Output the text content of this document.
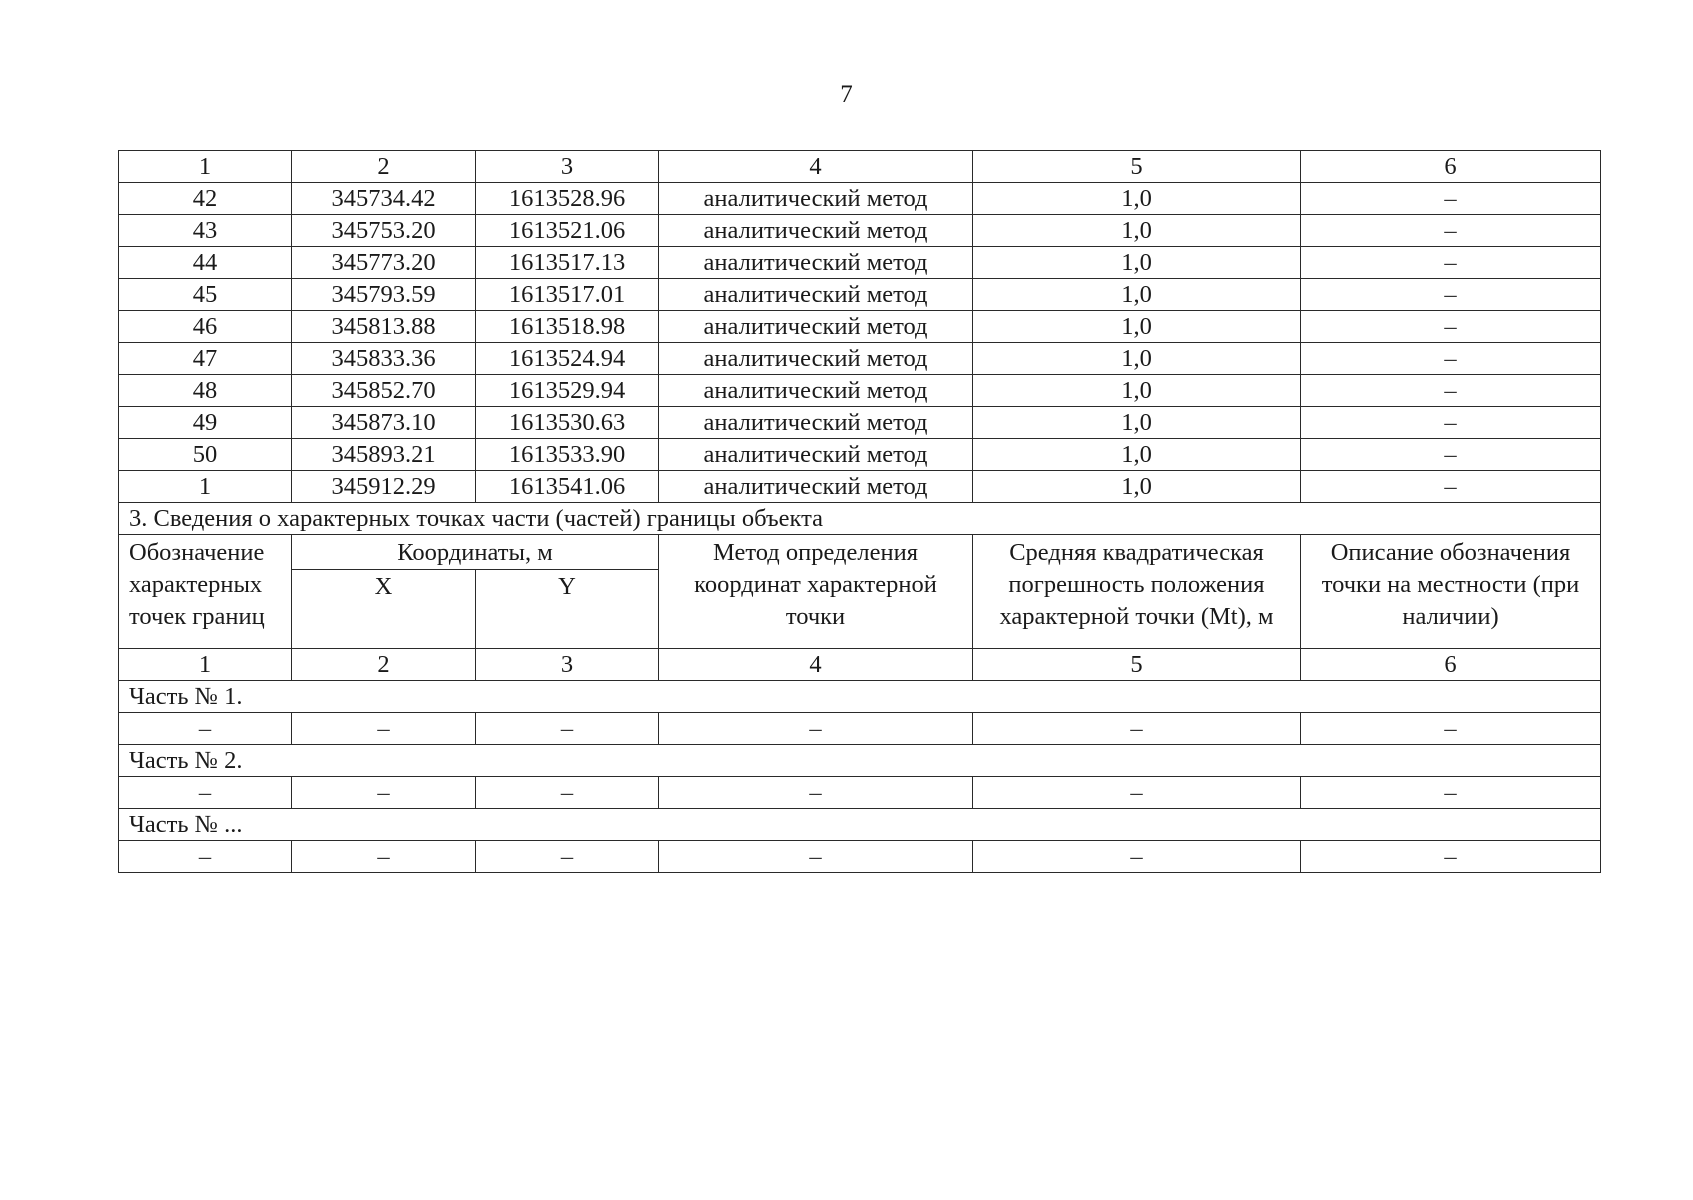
7
1	2	3	4	5	6
42	345734.42	1613528.96	аналитический метод	1,0	–
43	345753.20	1613521.06	аналитический метод	1,0	–
44	345773.20	1613517.13	аналитический метод	1,0	–
45	345793.59	1613517.01	аналитический метод	1,0	–
46	345813.88	1613518.98	аналитический метод	1,0	–
47	345833.36	1613524.94	аналитический метод	1,0	–
48	345852.70	1613529.94	аналитический метод	1,0	–
49	345873.10	1613530.63	аналитический метод	1,0	–
50	345893.21	1613533.90	аналитический метод	1,0	–
1	345912.29	1613541.06	аналитический метод	1,0	–
3. Сведения о характерных точках части (частей) границы объекта					
Обозначение характерных точек границ	Координаты, м		Метод определения координат характерной точки	Средняя квадратическая погрешность положения характерной точки (Mt), м	Описание обозначения точки на местности (при наличии)
	X	Y			
1	2	3	4	5	6
Часть № 1.					
–	–	–	–	–	–
Часть № 2.					
–	–	–	–	–	–
Часть № ...					
–	–	–	–	–	–
